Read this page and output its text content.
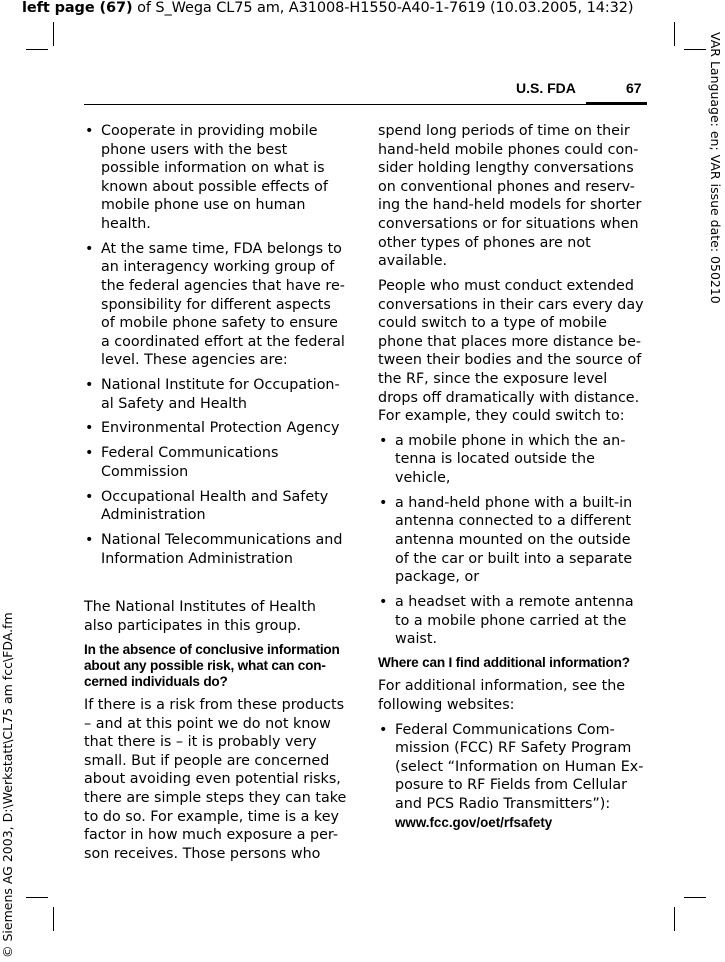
left page (67) of S_Wega CL75 am, A31008-H1550-A40-1-7619 (10.03.2005, 14:32)
VAR Language: en; VAR issue date: 050210
© Siemens AG 2003, D:\Werkstatt\CL75 am fcc\FDA.fm
U.S. FDA	67
• Cooperate in providing mobile phone users with the best possible information on what is known about possible effects of mobile phone use on human health.
• At the same time, FDA belongs to an interagency working group of the federal agencies that have re- sponsibility for different aspects of mobile phone safety to ensure a coordinated effort at the federal level. These agencies are:
• National Institute for Occupation- al Safety and Health
• Environmental Protection Agency
• Federal Communications Commission
• Occupational Health and Safety Administration
• National Telecommunications and Information Administration

The National Institutes of Health also participates in this group.

In the absence of conclusive information about any possible risk, what can con- cerned individuals do?

If there is a risk from these products – and at this point we do not know that there is – it is probably very small. But if people are concerned about avoiding even potential risks, there are simple steps they can take to do so. For example, time is a key factor in how much exposure a per- son receives. Those persons who

spend long periods of time on their hand-held mobile phones could con- sider holding lengthy conversations on conventional phones and reserv- ing the hand-held models for shorter conversations or for situations when other types of phones are not available.

People who must conduct extended conversations in their cars every day could switch to a type of mobile phone that places more distance be- tween their bodies and the source of the RF, since the exposure level drops off dramatically with distance. For example, they could switch to:

• a mobile phone in which the an- tenna is located outside the vehicle,
• a hand-held phone with a built-in antenna connected to a different antenna mounted on the outside of the car or built into a separate package, or
• a headset with a remote antenna to a mobile phone carried at the waist.
Where can I find additional information?

For additional information, see the following websites:

• Federal Communications Com- mission (FCC) RF Safety Program (select “Information on Human Ex- posure to RF Fields from Cellular and PCS Radio Transmitters”):
www.fcc.gov/oet/rfsafety
